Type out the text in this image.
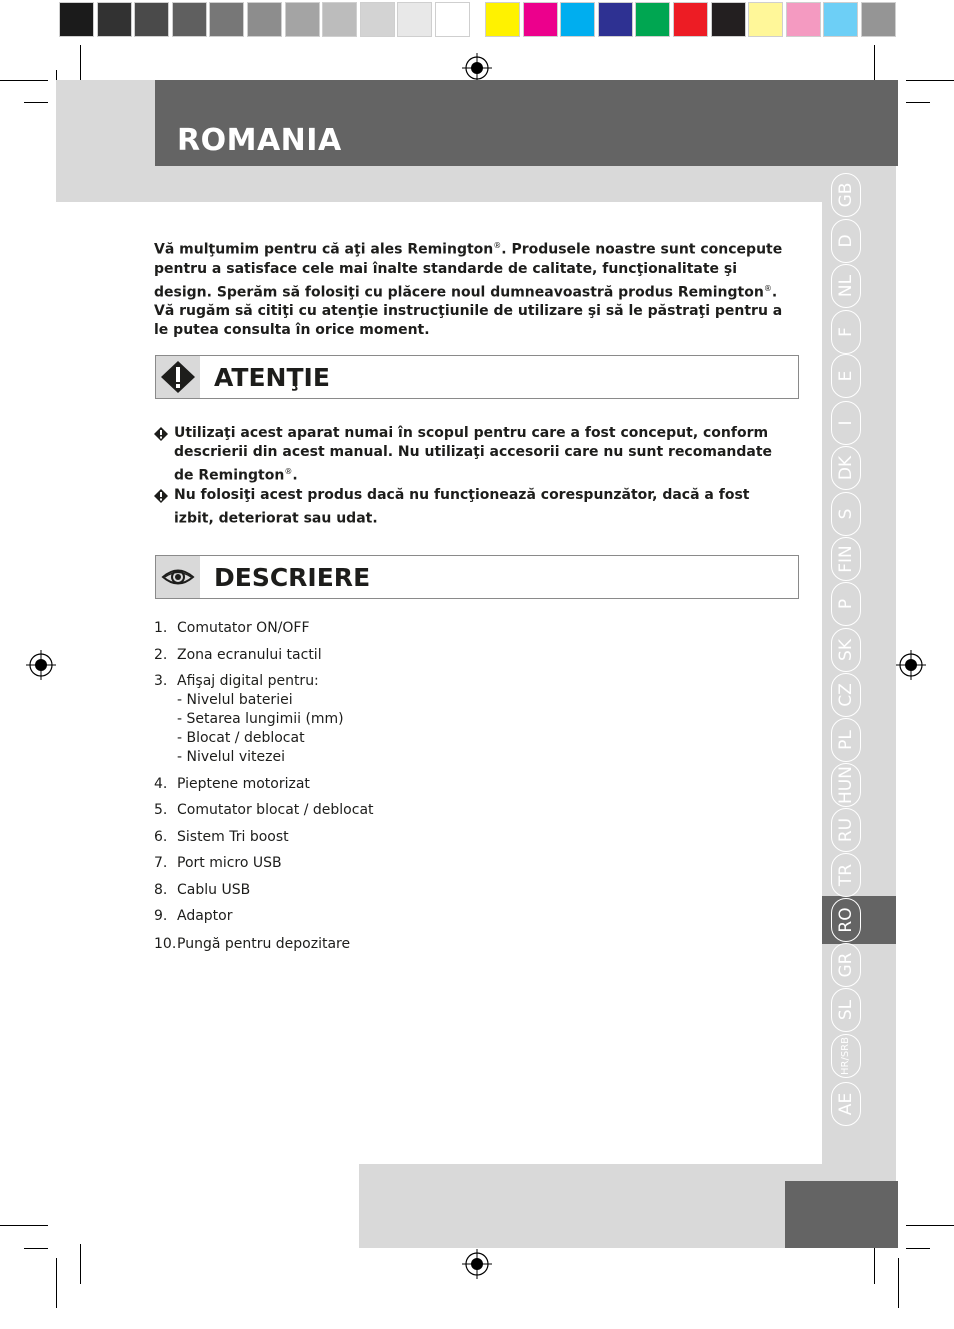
ROMANIA
GB
D
NL
F
E
I
DK
S
FIN
P
SK
CZ
PL
HUN
RU
TR
RO
GR
SL
HR/SRB
AE
Vă mulţumim pentru că aţi ales Remington®. Produsele noastre sunt concepute pentru a satisface cele mai înalte standarde de calitate, funcţionalitate şi design. Sperăm să folosiţi cu plăcere noul dumneavoastră produs Remington®. Vă rugăm să citiţi cu atenţie instrucţiunile de utilizare şi să le păstraţi pentru a le putea consulta în orice moment.
ATENŢIE
Utilizaţi acest aparat numai în scopul pentru care a fost conceput, conform descrierii din acest manual. Nu utilizaţi accesorii care nu sunt recomandate de Remington®.
Nu folosiţi acest produs dacă nu funcţionează corespunzător, dacă a fost izbit, deteriorat sau udat.
DESCRIERE
1. Comutator ON/OFF
2. Zona ecranului tactil
3. Afişaj digital pentru:
- Nivelul bateriei
- Setarea lungimii (mm)
- Blocat / deblocat
- Nivelul vitezei
4. Pieptene motorizat
5. Comutator blocat / deblocat
6. Sistem Tri boost
7. Port micro USB
8. Cablu USB
9. Adaptor
10. Pungă pentru depozitare
